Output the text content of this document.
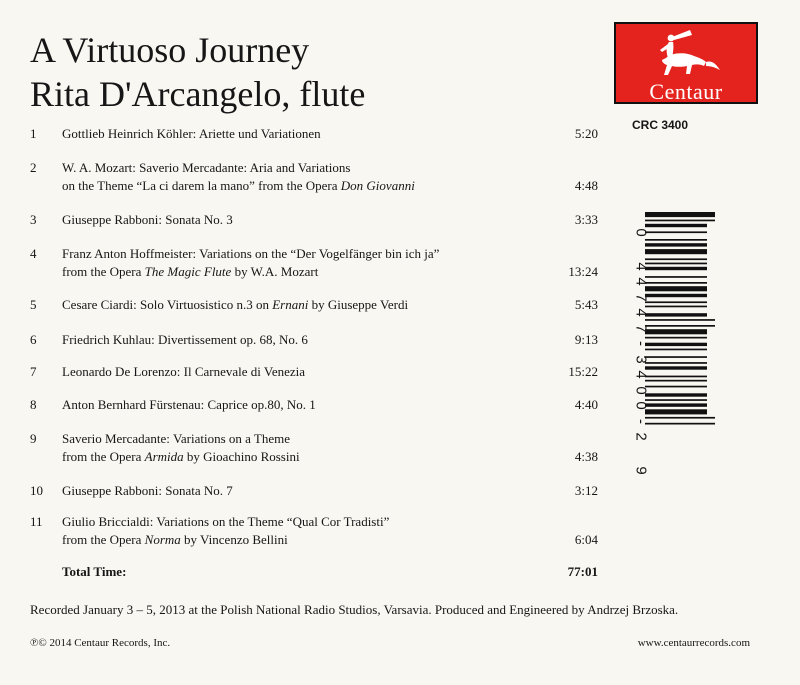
A Virtuoso Journey
Rita D'Arcangelo, flute	Centaur
CRC 3400
0
4
4
7
4
7
-
3
4
0
0
-
2
9
1 Gottlieb Heinrich Köhler: Ariette und Variationen	5:20
2 W. A. Mozart: Saverio Mercadante: Aria and Variations
on the Theme “La ci darem la mano” from the Opera Don Giovanni	4:48
3 Giuseppe Rabboni: Sonata No. 3	3:33
4 Franz Anton Hoffmeister: Variations on the “Der Vogelfänger bin ich ja”
from the Opera The Magic Flute by W.A. Mozart	13:24
5 Cesare Ciardi: Solo Virtuosistico n.3 on Ernani by Giuseppe Verdi	5:43
6 Friedrich Kuhlau: Divertissement op. 68, No. 6	9:13
7 Leonardo De Lorenzo: Il Carnevale di Venezia	15:22
8 Anton Bernhard Fürstenau: Caprice op.80, No. 1	4:40
9 Saverio Mercadante: Variations on a Theme
from the Opera Armida by Gioachino Rossini	4:38
10 Giuseppe Rabboni: Sonata No. 7	3:12
11 Giulio Briccialdi: Variations on the Theme “Qual Cor Tradisti”
from the Opera Norma by Vincenzo Bellini	6:04
Total Time:	77:01
Recorded January 3 – 5, 2013 at the Polish National Radio Studios, Varsavia. Produced and Engineered by Andrzej Brzoska.
℗© 2014 Centaur Records, Inc.	www.centaurrecords.com
